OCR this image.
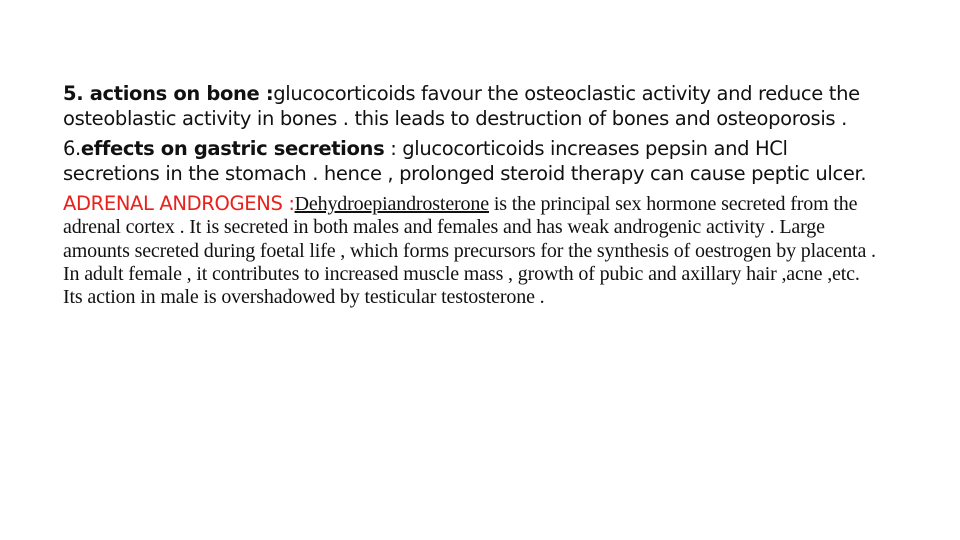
5. actions on bone :glucocorticoids favour the osteoclastic activity and reduce the osteoblastic activity in bones . this leads to destruction of bones and osteoporosis .

6.effects on gastric secretions : glucocorticoids increases pepsin and HCl secretions in the stomach . hence , prolonged steroid therapy can cause peptic ulcer.

ADRENAL ANDROGENS :Dehydroepiandrosterone is the principal sex hormone secreted from the adrenal cortex . It is secreted in both males and females and has weak androgenic activity . Large amounts secreted during foetal life , which forms precursors for the synthesis of oestrogen by placenta . In adult female , it contributes to increased muscle mass , growth of pubic and axillary hair ,acne ,etc. Its action in male is overshadowed by testicular testosterone .
